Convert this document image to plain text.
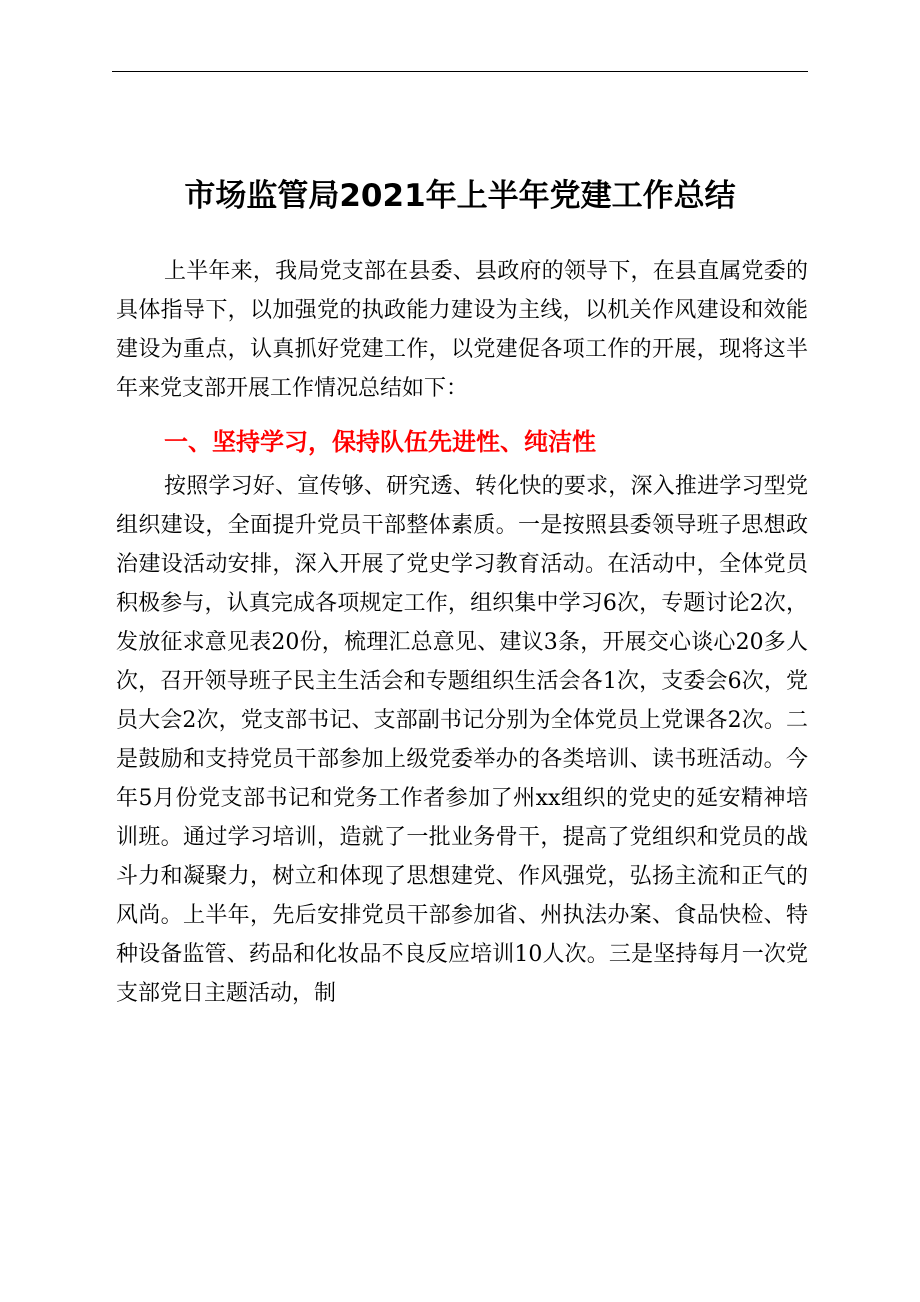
市场监管局2021年上半年党建工作总结

上半年来，我局党支部在县委、县政府的领导下，在县直属党委的具体指导下，以加强党的执政能力建设为主线，以机关作风建设和效能建设为重点，认真抓好党建工作，以党建促各项工作的开展，现将这半年来党支部开展工作情况总结如下：

一、坚持学习，保持队伍先进性、纯洁性

按照学习好、宣传够、研究透、转化快的要求，深入推进学习型党组织建设，全面提升党员干部整体素质。一是按照县委领导班子思想政治建设活动安排，深入开展了党史学习教育活动。在活动中，全体党员积极参与，认真完成各项规定工作，组织集中学习6次，专题讨论2次，发放征求意见表20份，梳理汇总意见、建议3条，开展交心谈心20多人次，召开领导班子民主生活会和专题组织生活会各1次，支委会6次，党员大会2次，党支部书记、支部副书记分别为全体党员上党课各2次。二是鼓励和支持党员干部参加上级党委举办的各类培训、读书班活动。今年5月份党支部书记和党务工作者参加了州xx组织的党史的延安精神培训班。通过学习培训，造就了一批业务骨干，提高了党组织和党员的战斗力和凝聚力，树立和体现了思想建党、作风强党，弘扬主流和正气的风尚。上半年，先后安排党员干部参加省、州执法办案、食品快检、特种设备监管、药品和化妆品不良反应培训10人次。三是坚持每月一次党支部党日主题活动，制
